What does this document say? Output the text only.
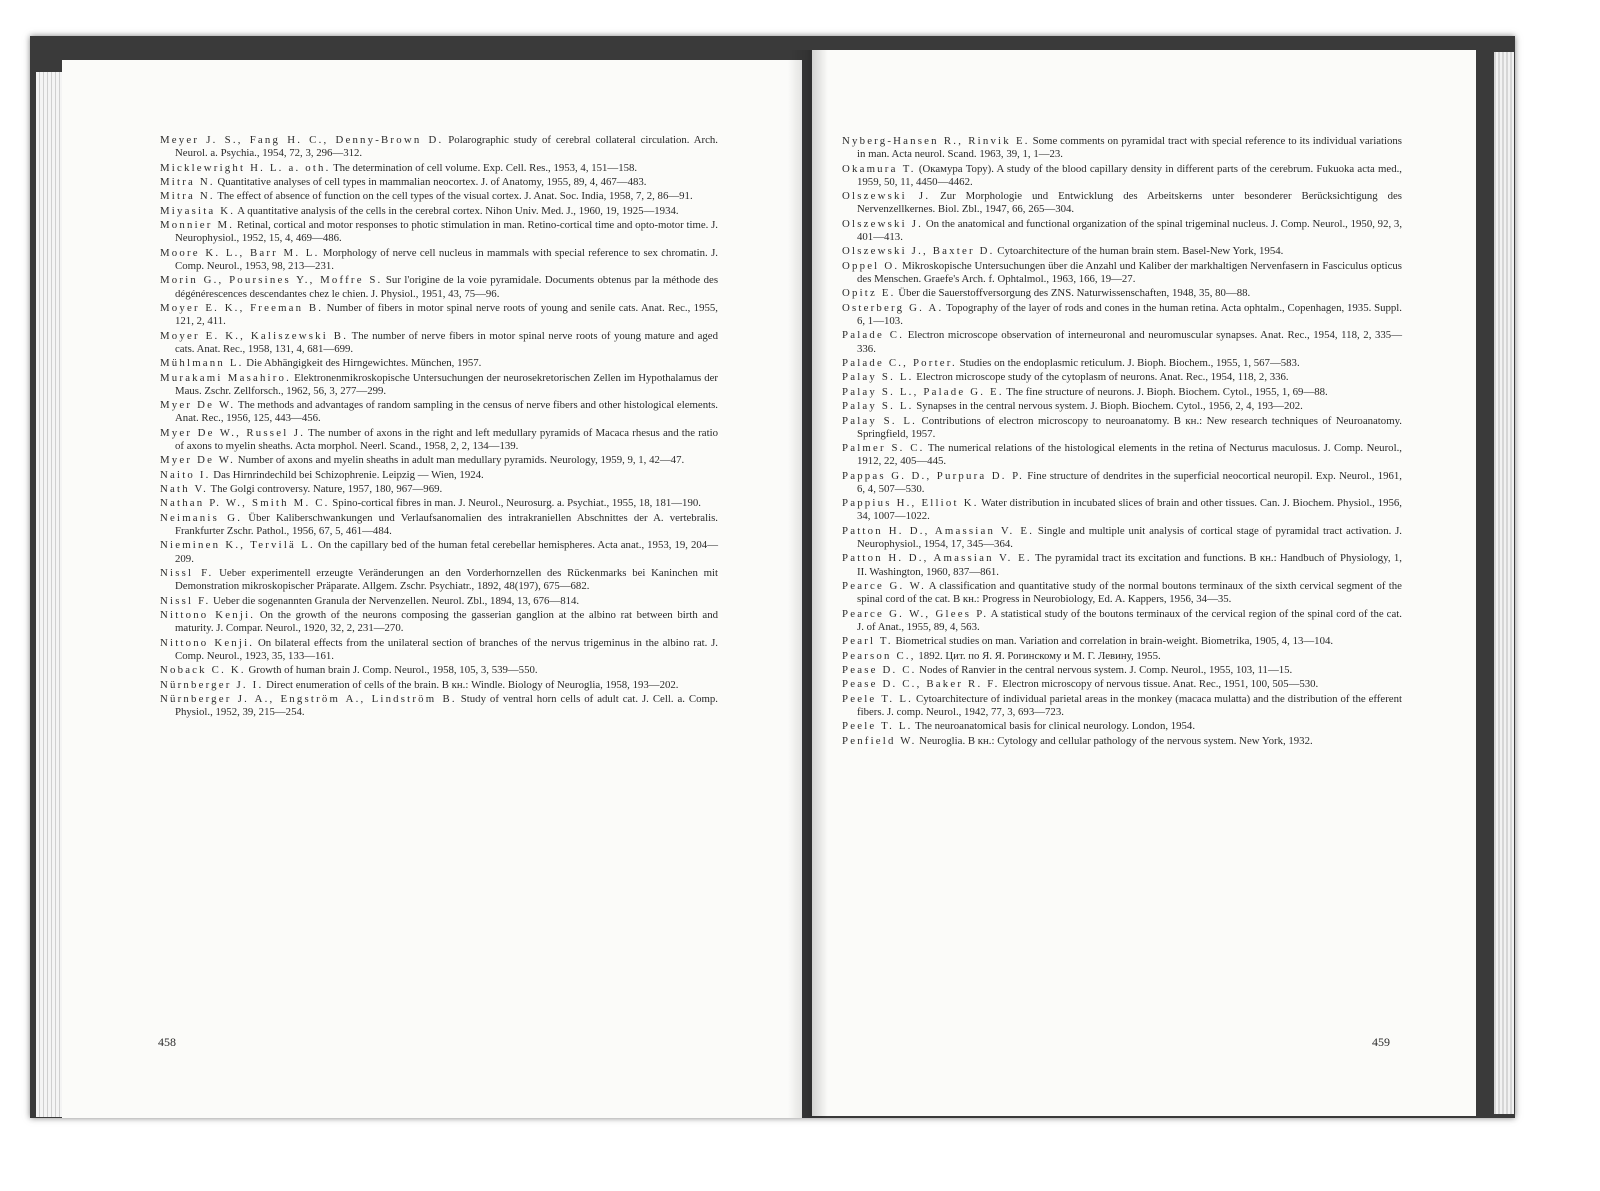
Meyer J. S., Fang H. C., Denny-Brown D. Polarographic study of cerebral collateral circulation. Arch. Neurol. a. Psychia., 1954, 72, 3, 296—312.
Micklewright H. L. a. oth. The determination of cell volume. Exp. Cell. Res., 1953, 4, 151—158.
Mitra N. Quantitative analyses of cell types in mammalian neocortex. J. of Anatomy, 1955, 89, 4, 467—483.
Mitra N. The effect of absence of function on the cell types of the visual cortex. J. Anat. Soc. India, 1958, 7, 2, 86—91.
Miyasita K. A quantitative analysis of the cells in the cerebral cortex. Nihon Univ. Med. J., 1960, 19, 1925—1934.
Monnier M. Retinal, cortical and motor responses to photic stimulation in man. Retino-cortical time and opto-motor time. J. Neurophysiol., 1952, 15, 4, 469—486.
Moore K. L., Barr M. L. Morphology of nerve cell nucleus in mammals with special reference to sex chromatin. J. Comp. Neurol., 1953, 98, 213—231.
Morin G., Poursines Y., Moffre S. Sur l'origine de la voie pyramidale. Documents obtenus par la méthode des dégénérescences descendantes chez le chien. J. Physiol., 1951, 43, 75—96.
Moyer E. K., Freeman B. Number of fibers in motor spinal nerve roots of young and senile cats. Anat. Rec., 1955, 121, 2, 411.
Moyer E. K., Kaliszewski B. The number of nerve fibers in motor spinal nerve roots of young mature and aged cats. Anat. Rec., 1958, 131, 4, 681—699.
Mühlmann L. Die Abhängigkeit des Hirngewichtes. München, 1957.
Murakami Masahiro. Elektronenmikroskopische Untersuchungen der neurosekretorischen Zellen im Hypothalamus der Maus. Zschr. Zellforsch., 1962, 56, 3, 277—299.
Myer De W. The methods and advantages of random sampling in the census of nerve fibers and other histological elements. Anat. Rec., 1956, 125, 443—456.
Myer De W., Russel J. The number of axons in the right and left medullary pyramids of Macaca rhesus and the ratio of axons to myelin sheaths. Acta morphol. Neerl. Scand., 1958, 2, 2, 134—139.
Myer De W. Number of axons and myelin sheaths in adult man medullary pyramids. Neurology, 1959, 9, 1, 42—47.
Naito I. Das Hirnrindechild bei Schizophrenie. Leipzig — Wien, 1924.
Nath V. The Golgi controversy. Nature, 1957, 180, 967—969.
Nathan P. W., Smith M. C. Spino-cortical fibres in man. J. Neurol., Neurosurg. a. Psychiat., 1955, 18, 181—190.
Neimanis G. Über Kaliberschwankungen und Verlaufsanomalien des intrakraniellen Abschnittes der A. vertebralis. Frankfurter Zschr. Pathol., 1956, 67, 5, 461—484.
Nieminen K., Tervilä L. On the capillary bed of the human fetal cerebellar hemispheres. Acta anat., 1953, 19, 204—209.
Nissl F. Ueber experimentell erzeugte Veränderungen an den Vorderhornzellen des Rückenmarks bei Kaninchen mit Demonstration mikroskopischer Präparate. Allgem. Zschr. Psychiatr., 1892, 48(197), 675—682.
Nissl F. Ueber die sogenannten Granula der Nervenzellen. Neurol. Zbl., 1894, 13, 676—814.
Nittono Kenji. On the growth of the neurons composing the gasserian ganglion at the albino rat between birth and maturity. J. Compar. Neurol., 1920, 32, 2, 231—270.
Nittono Kenji. On bilateral effects from the unilateral section of branches of the nervus trigeminus in the albino rat. J. Comp. Neurol., 1923, 35, 133—161.
Noback C. K. Growth of human brain J. Comp. Neurol., 1958, 105, 3, 539—550.
Nürnberger J. I. Direct enumeration of cells of the brain. В кн.: Windle. Biology of Neuroglia, 1958, 193—202.
Nürnberger J. A., Engström A., Lindström B. Study of ventral horn cells of adult cat. J. Cell. a. Comp. Physiol., 1952, 39, 215—254.
458
Nyberg-Hansen R., Rinvik E. Some comments on pyramidal tract with special reference to its individual variations in man. Acta neurol. Scand. 1963, 39, 1, 1—23.
Okamura T. (Окамура Тору). A study of the blood capillary density in different parts of the cerebrum. Fukuoka acta med., 1959, 50, 11, 4450—4462.
Olszewski J. Zur Morphologie und Entwicklung des Arbeitskerns unter besonderer Berücksichtigung des Nervenzellkernes. Biol. Zbl., 1947, 66, 265—304.
Olszewski J. On the anatomical and functional organization of the spinal trigeminal nucleus. J. Comp. Neurol., 1950, 92, 3, 401—413.
Olszewski J., Baxter D. Cytoarchitecture of the human brain stem. Basel-New York, 1954.
Oppel O. Mikroskopische Untersuchungen über die Anzahl und Kaliber der markhaltigen Nervenfasern in Fasciculus opticus des Menschen. Graefe's Arch. f. Ophtalmol., 1963, 166, 19—27.
Opitz E. Über die Sauerstoffversorgung des ZNS. Naturwissenschaften, 1948, 35, 80—88.
Osterberg G. A. Topography of the layer of rods and cones in the human retina. Acta ophtalm., Copenhagen, 1935. Suppl. 6, 1—103.
Palade C. Electron microscope observation of interneuronal and neuromuscular synapses. Anat. Rec., 1954, 118, 2, 335—336.
Palade C., Porter. Studies on the endoplasmic reticulum. J. Bioph. Biochem., 1955, 1, 567—583.
Palay S. L. Electron microscope study of the cytoplasm of neurons. Anat. Rec., 1954, 118, 2, 336.
Palay S. L., Palade G. E. The fine structure of neurons. J. Bioph. Biochem. Cytol., 1955, 1, 69—88.
Palay S. L. Synapses in the central nervous system. J. Bioph. Biochem. Cytol., 1956, 2, 4, 193—202.
Palay S. L. Contributions of electron microscopy to neuroanatomy. В кн.: New research techniques of Neuroanatomy. Springfield, 1957.
Palmer S. C. The numerical relations of the histological elements in the retina of Necturus maculosus. J. Comp. Neurol., 1912, 22, 405—445.
Pappas G. D., Purpura D. P. Fine structure of dendrites in the superficial neocortical neuropil. Exp. Neurol., 1961, 6, 4, 507—530.
Pappius H., Elliot K. Water distribution in incubated slices of brain and other tissues. Can. J. Biochem. Physiol., 1956, 34, 1007—1022.
Patton H. D., Amassian V. E. Single and multiple unit analysis of cortical stage of pyramidal tract activation. J. Neurophysiol., 1954, 17, 345—364.
Patton H. D., Amassian V. E. The pyramidal tract its excitation and functions. В кн.: Handbuch of Physiology, 1, II. Washington, 1960, 837—861.
Pearce G. W. A classification and quantitative study of the normal boutons terminaux of the sixth cervical segment of the spinal cord of the cat. В кн.: Progress in Neurobiology, Ed. A. Kappers, 1956, 34—35.
Pearce G. W., Glees P. A statistical study of the boutons terminaux of the cervical region of the spinal cord of the cat. J. of Anat., 1955, 89, 4, 563.
Pearl T. Biometrical studies on man. Variation and correlation in brain-weight. Biometrika, 1905, 4, 13—104.
Pearson C., 1892. Цит. по Я. Я. Рогинскому и М. Г. Левину, 1955.
Pease D. C. Nodes of Ranvier in the central nervous system. J. Comp. Neurol., 1955, 103, 11—15.
Pease D. C., Baker R. F. Electron microscopy of nervous tissue. Anat. Rec., 1951, 100, 505—530.
Peele T. L. Cytoarchitecture of individual parietal areas in the monkey (macaca mulatta) and the distribution of the efferent fibers. J. comp. Neurol., 1942, 77, 3, 693—723.
Peele T. L. The neuroanatomical basis for clinical neurology. London, 1954.
Penfield W. Neuroglia. В кн.: Cytology and cellular pathology of the nervous system. New York, 1932.
459
